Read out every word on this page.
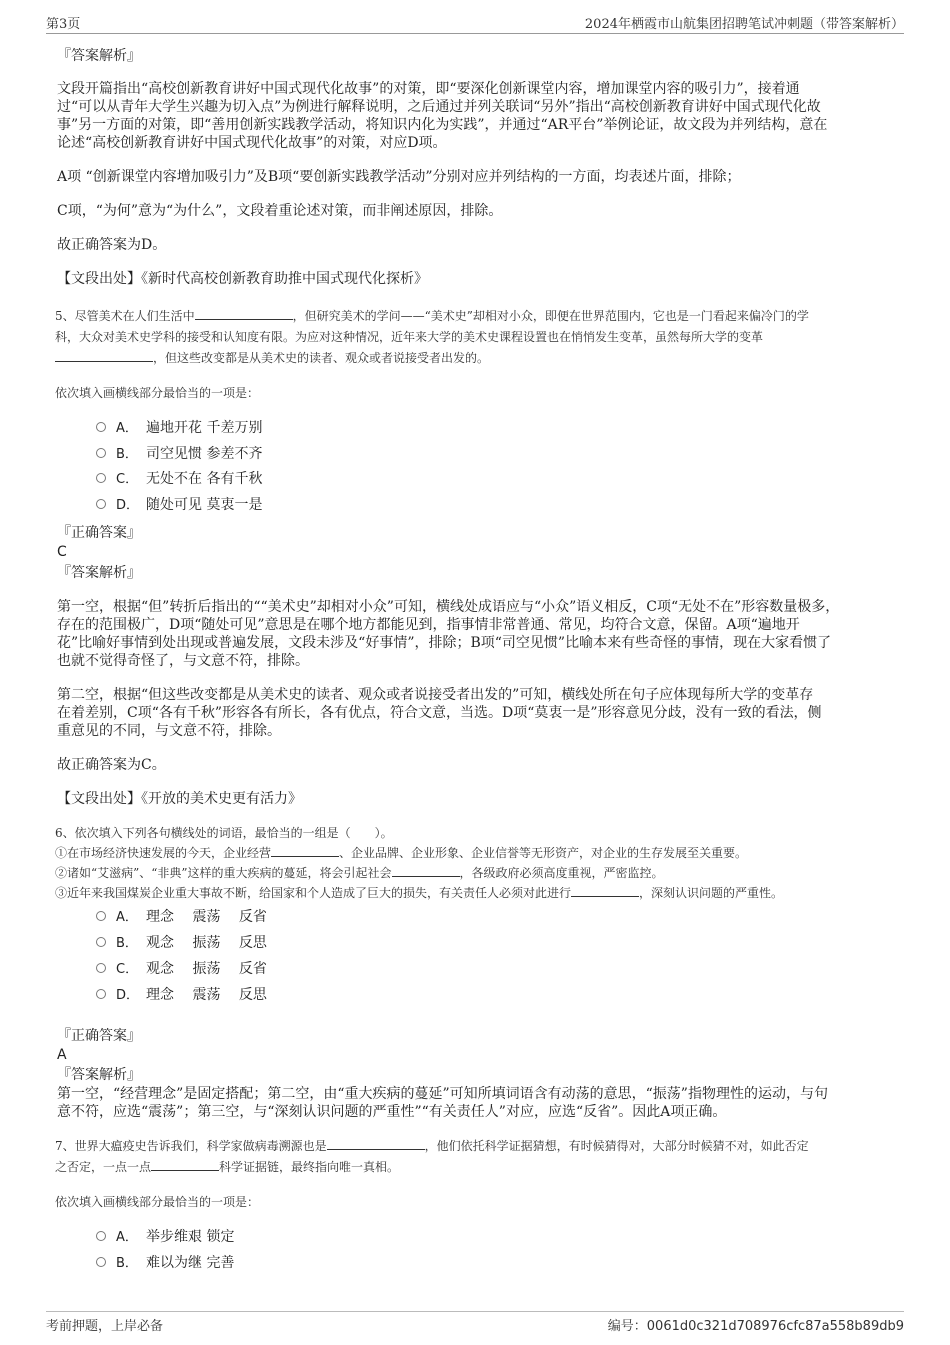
第3页	2024年栖霞市山航集团招聘笔试冲刺题（带答案解析）

『答案解析』

文段开篇指出“高校创新教育讲好中国式现代化故事”的对策，即“要深化创新课堂内容，增加课堂内容的吸引力”，接着通

过“可以从青年大学生兴趣为切入点”为例进行解释说明，之后通过并列关联词“另外”指出“高校创新教育讲好中国式现代化故

事”另一方面的对策，即“善用创新实践教学活动，将知识内化为实践”，并通过“AR平台”举例论证，故文段为并列结构，意在

论述“高校创新教育讲好中国式现代化故事”的对策，对应D项。

A项 “创新课堂内容增加吸引力”及B项“要创新实践教学活动”分别对应并列结构的一方面，均表述片面，排除；

C项，“为何”意为“为什么”，文段着重论述对策，而非阐述原因，排除。

故正确答案为D。

【文段出处】《新时代高校创新教育助推中国式现代化探析》

5、尽管美术在人们生活中	，但研究美术的学问——“美术史”却相对小众，即便在世界范围内，它也是一门看起来偏冷门的学

科，大众对美术史学科的接受和认知度有限。为应对这种情况，近年来大学的美术史课程设置也在悄悄发生变革，虽然每所大学的变革

，但这些改变都是从美术史的读者、观众或者说接受者出发的。

依次填入画横线部分最恰当的一项是：

A． 遍地开花 千差万别
B． 司空见惯 参差不齐
C． 无处不在 各有千秋
D． 随处可见 莫衷一是

『正确答案』

C

『答案解析』

第一空，根据“但”转折后指出的““美术史”却相对小众”可知，横线处成语应与“小众”语义相反，C项“无处不在”形容数量极多，

存在的范围极广，D项“随处可见”意思是在哪个地方都能见到，指事情非常普通、常见，均符合文意，保留。A项“遍地开

花”比喻好事情到处出现或普遍发展，文段未涉及“好事情”，排除；B项“司空见惯”比喻本来有些奇怪的事情，现在大家看惯了

也就不觉得奇怪了，与文意不符，排除。

第二空，根据“但这些改变都是从美术史的读者、观众或者说接受者出发的”可知，横线处所在句子应体现每所大学的变革存

在着差别，C项“各有千秋”形容各有所长，各有优点，符合文意，当选。D项“莫衷一是”形容意见分歧，没有一致的看法，侧

重意见的不同，与文意不符，排除。

故正确答案为C。

【文段出处】《开放的美术史更有活力》

6、依次填入下列各句横线处的词语，最恰当的一组是（　　）。

①在市场经济快速发展的今天，企业经营	、企业品牌、企业形象、企业信誉等无形资产，对企业的生存发展至关重要。

②诸如“艾滋病”、“非典”这样的重大疾病的蔓延，将会引起社会	，各级政府必须高度重视，严密监控。

③近年来我国煤炭企业重大事故不断，给国家和个人造成了巨大的损失，有关责任人必须对此进行	，深刻认识问题的严重性。

A． 理念　 震荡　 反省
B． 观念　 振荡　 反思
C． 观念　 振荡　 反省
D． 理念　 震荡　 反思

『正确答案』

A

『答案解析』

第一空，“经营理念”是固定搭配；第二空，由“重大疾病的蔓延”可知所填词语含有动荡的意思，“振荡”指物理性的运动，与句

意不符，应选“震荡”；第三空，与“深刻认识问题的严重性”“有关责任人”对应，应选“反省”。因此A项正确。

7、世界大瘟疫史告诉我们，科学家做病毒溯源也是	，他们依托科学证据猜想，有时候猜得对，大部分时候猜不对，如此否定

之否定，一点一点	科学证据链，最终指向唯一真相。

依次填入画横线部分最恰当的一项是：

A． 举步维艰 锁定
B． 难以为继 完善
考前押题，上岸必备	编号：0061d0c321d708976cfc87a558b89db9
